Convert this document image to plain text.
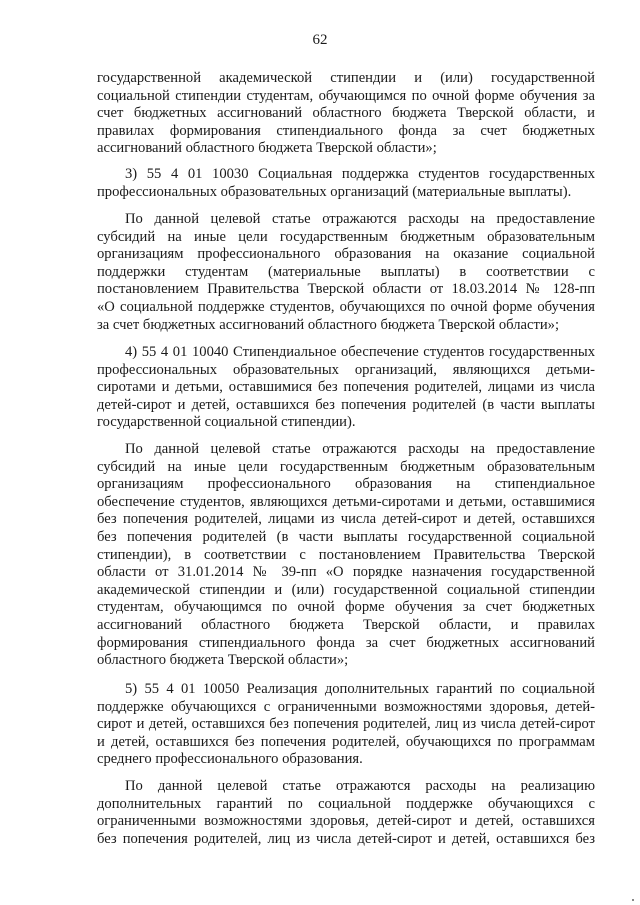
62
государственной академической стипендии и (или) государственной
социальной стипендии студентам, обучающимся по очной форме обучения за
счет бюджетных ассигнований областного бюджета Тверской области, и
правилах формирования стипендиального фонда за счет бюджетных
ассигнований областного бюджета Тверской области»;
3) 55 4 01 10030 Социальная поддержка студентов государственных
профессиональных образовательных организаций (материальные выплаты).
По данной целевой статье отражаются расходы на предоставление
субсидий на иные цели государственным бюджетным образовательным
организациям профессионального образования на оказание социальной
поддержки студентам (материальные выплаты) в соответствии с
постановлением Правительства Тверской области от 18.03.2014 № 128-пп
«О социальной поддержке студентов, обучающихся по очной форме обучения
за счет бюджетных ассигнований областного бюджета Тверской области»;
4) 55 4 01 10040 Стипендиальное обеспечение студентов государственных
профессиональных образовательных организаций, являющихся детьми-
сиротами и детьми, оставшимися без попечения родителей, лицами из числа
детей-сирот и детей, оставшихся без попечения родителей (в части выплаты
государственной социальной стипендии).
По данной целевой статье отражаются расходы на предоставление
субсидий на иные цели государственным бюджетным образовательным
организациям профессионального образования на стипендиальное
обеспечение студентов, являющихся детьми-сиротами и детьми, оставшимися
без попечения родителей, лицами из числа детей-сирот и детей, оставшихся
без попечения родителей (в части выплаты государственной социальной
стипендии), в соответствии с постановлением Правительства Тверской
области от 31.01.2014 № 39-пп «О порядке назначения государственной
академической стипендии и (или) государственной социальной стипендии
студентам, обучающимся по очной форме обучения за счет бюджетных
ассигнований областного бюджета Тверской области, и правилах
формирования стипендиального фонда за счет бюджетных ассигнований
областного бюджета Тверской области»;
5) 55 4 01 10050 Реализация дополнительных гарантий по социальной
поддержке обучающихся с ограниченными возможностями здоровья, детей-
сирот и детей, оставшихся без попечения родителей, лиц из числа детей-сирот
и детей, оставшихся без попечения родителей, обучающихся по программам
среднего профессионального образования.
По данной целевой статье отражаются расходы на реализацию
дополнительных гарантий по социальной поддержке обучающихся с
ограниченными возможностями здоровья, детей-сирот и детей, оставшихся
без попечения родителей, лиц из числа детей-сирот и детей, оставшихся без
